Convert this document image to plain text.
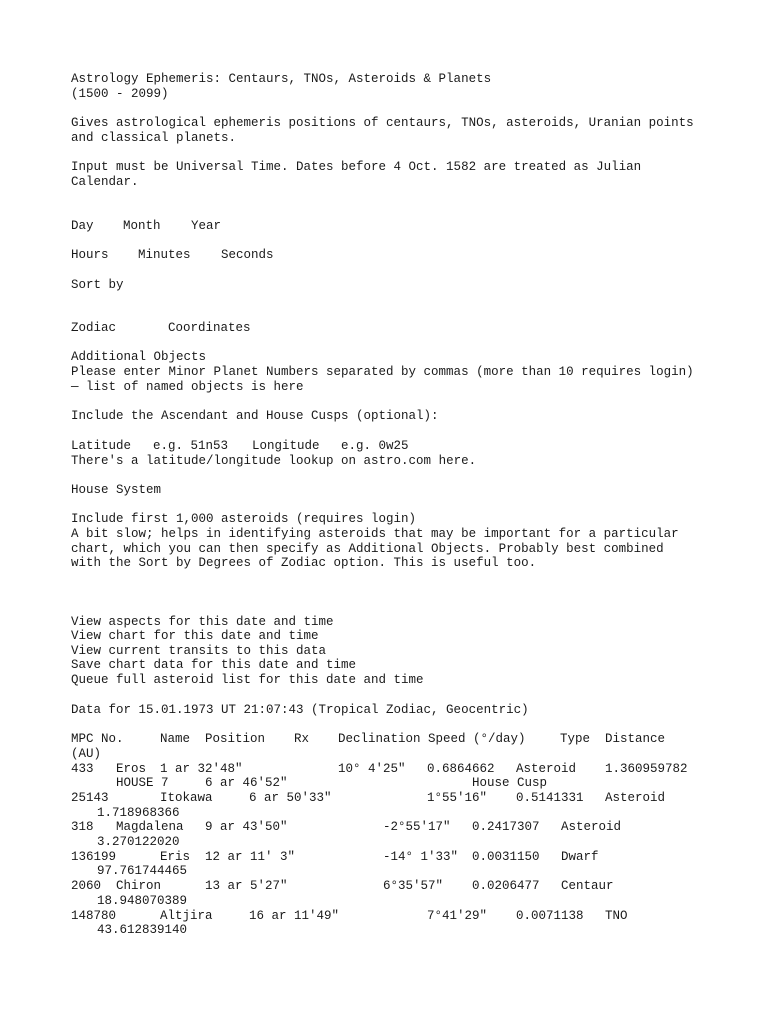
Astrology Ephemeris: Centaurs, TNOs, Asteroids & Planets
(1500 - 2099)
Gives astrological ephemeris positions of centaurs, TNOs, asteroids, Uranian points
and classical planets.
Input must be Universal Time. Dates before 4 Oct. 1582 are treated as Julian
Calendar.
Day Month Year
Hours Minutes Seconds
Sort by
Zodiac	Coordinates
Additional Objects
Please enter Minor Planet Numbers separated by commas (more than 10 requires login)
— list of named objects is here
Include the Ascendant and House Cusps (optional):
Latitude e.g. 51n53 Longitude e.g. 0w25
There's a latitude/longitude lookup on astro.com here.
House System
Include first 1,000 asteroids (requires login)
A bit slow; helps in identifying asteroids that may be important for a particular
chart, which you can then specify as Additional Objects. Probably best combined
with the Sort by Degrees of Zodiac option. This is useful too.
View aspects for this date and time
View chart for this date and time
View current transits to this data
Save chart data for this date and time
Queue full asteroid list for this date and time
Data for 15.01.1973 UT 21:07:43 (Tropical Zodiac, Geocentric)
MPC No.	Name Position Rx Declination Speed (°/day)	Type Distance
(AU)
433 Eros 1 ar 32'48"	10° 4'25" 0.6864662 Asteroid 1.360959782
HOUSE 7	6 ar 46'52"	House Cusp
25143	Itokawa	6 ar 50'33"	1°55'16" 0.5141331 Asteroid
1.718968366
318 Magdalena 9 ar 43'50"	-2°55'17" 0.2417307 Asteroid
3.270122020
136199	Eris 12 ar 11' 3"	-14° 1'33" 0.0031150 Dwarf
97.761744465
2060 Chiron	13 ar 5'27"	6°35'57" 0.0206477 Centaur
18.948070389
148780	Altjira	16 ar 11'49"	7°41'29" 0.0071138 TNO
43.612839140
